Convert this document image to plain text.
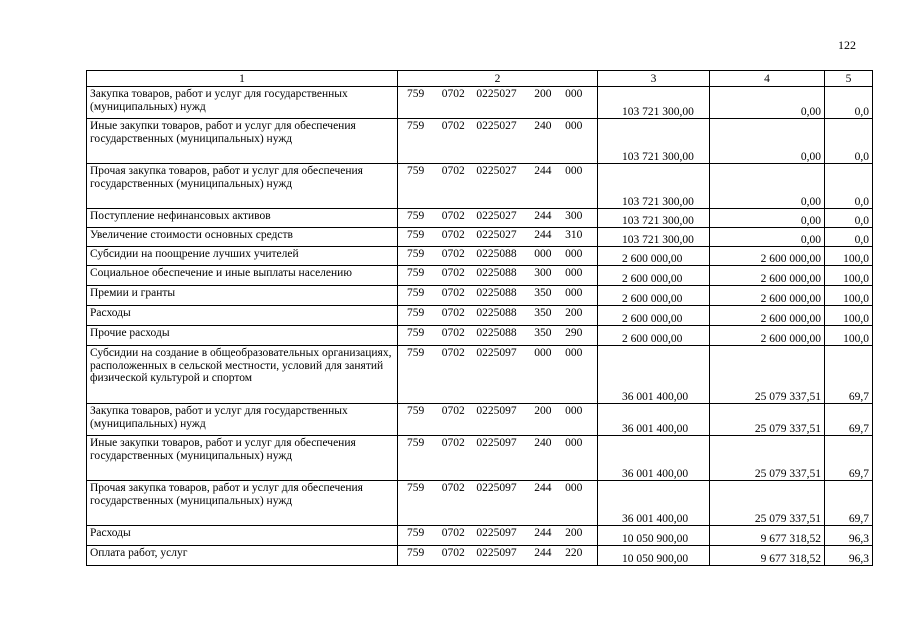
122
1	2	3	4	5
Закупка товаров, работ и услуг для государственных (муниципальных) нужд	759 0702 0225027 200 000	103 721 300,00	0,00	0,0
Иные закупки товаров, работ и услуг для обеспечения государственных (муниципальных) нужд	759 0702 0225027 240 000	103 721 300,00	0,00	0,0
Прочая закупка товаров, работ и услуг для обеспечения государственных (муниципальных) нужд	759 0702 0225027 244 000	103 721 300,00	0,00	0,0
Поступление нефинансовых активов	759 0702 0225027 244 300	103 721 300,00	0,00	0,0
Увеличение стоимости основных средств	759 0702 0225027 244 310	103 721 300,00	0,00	0,0
Субсидии на поощрение лучших учителей	759 0702 0225088 000 000	2 600 000,00	2 600 000,00	100,0
Социальное обеспечение и иные выплаты населению	759 0702 0225088 300 000	2 600 000,00	2 600 000,00	100,0
Премии и гранты	759 0702 0225088 350 000	2 600 000,00	2 600 000,00	100,0
Расходы	759 0702 0225088 350 200	2 600 000,00	2 600 000,00	100,0
Прочие расходы	759 0702 0225088 350 290	2 600 000,00	2 600 000,00	100,0
Субсидии на создание в общеобразовательных организациях, расположенных в сельской местности, условий для занятий физической культурой и спортом	759 0702 0225097 000 000	36 001 400,00	25 079 337,51	69,7
Закупка товаров, работ и услуг для государственных (муниципальных) нужд	759 0702 0225097 200 000	36 001 400,00	25 079 337,51	69,7
Иные закупки товаров, работ и услуг для обеспечения государственных (муниципальных) нужд	759 0702 0225097 240 000	36 001 400,00	25 079 337,51	69,7
Прочая закупка товаров, работ и услуг для обеспечения государственных (муниципальных) нужд	759 0702 0225097 244 000	36 001 400,00	25 079 337,51	69,7
Расходы	759 0702 0225097 244 200	10 050 900,00	9 677 318,52	96,3
Оплата работ, услуг	759 0702 0225097 244 220	10 050 900,00	9 677 318,52	96,3
